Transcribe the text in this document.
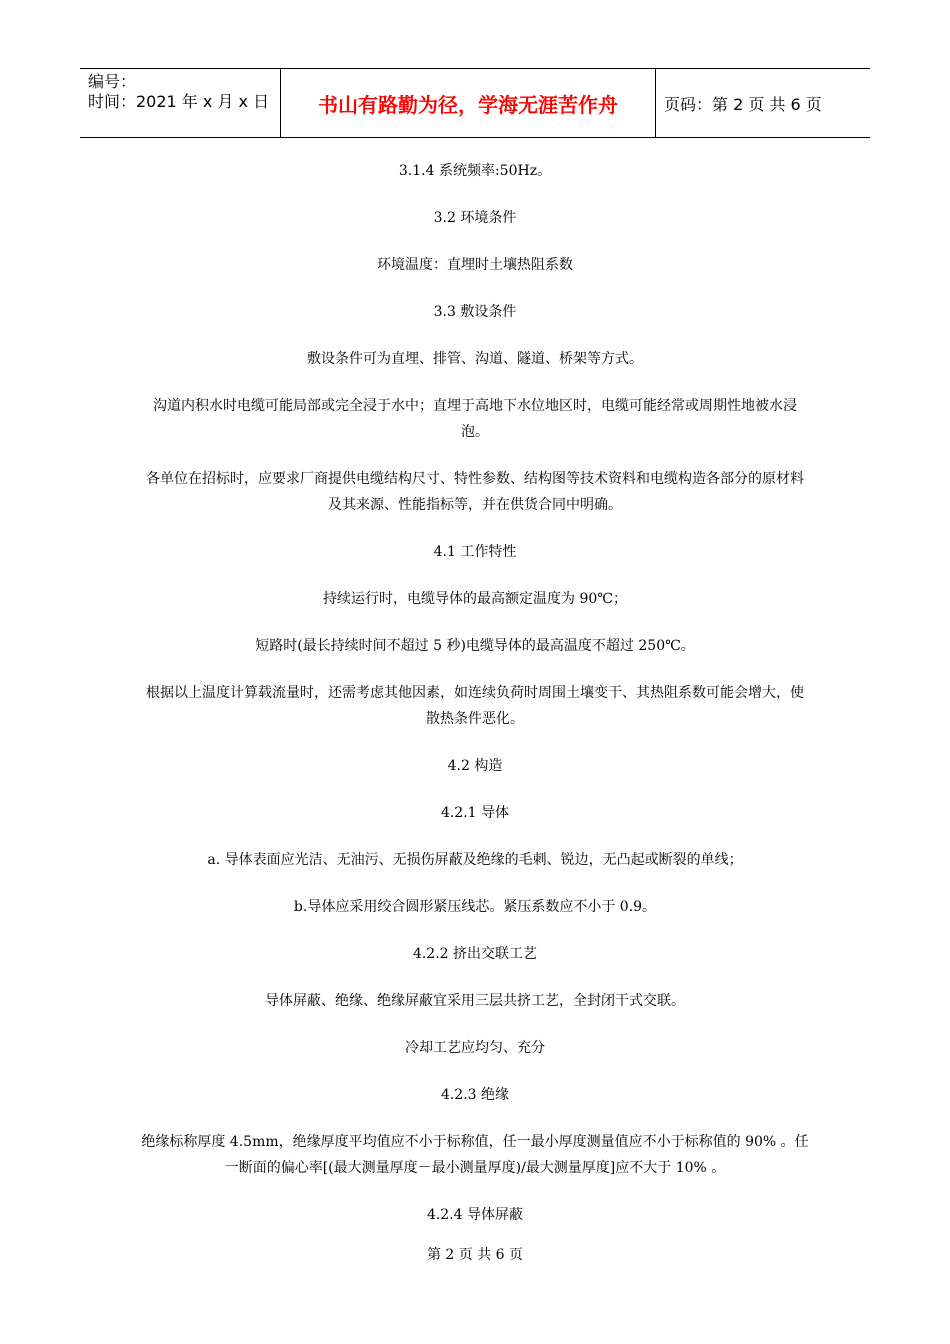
编号：
时间：2021 年 x 月 x 日	书山有路勤为径，学海无涯苦作舟	页码：第 2 页 共 6 页

3.1.4 系统频率:50Hz。

3.2 环境条件

环境温度：直埋时土壤热阻系数

3.3 敷设条件

敷设条件可为直埋、排管、沟道、隧道、桥架等方式。

沟道内积水时电缆可能局部或完全浸于水中；直埋于高地下水位地区时，电缆可能经常或周期性地被水浸泡。

各单位在招标时，应要求厂商提供电缆结构尺寸、特性参数、结构图等技术资料和电缆构造各部分的原材料及其来源、性能指标等，并在供货合同中明确。

4.1 工作特性

持续运行时，电缆导体的最高额定温度为 90℃；

短路时(最长持续时间不超过 5 秒)电缆导体的最高温度不超过 250℃。

根据以上温度计算载流量时，还需考虑其他因素，如连续负荷时周围土壤变干、其热阻系数可能会增大，使散热条件恶化。

4.2 构造

4.2.1 导体

a. 导体表面应光洁、无油污、无损伤屏蔽及绝缘的毛刺、锐边，无凸起或断裂的单线；

b.导体应采用绞合圆形紧压线芯。紧压系数应不小于 0.9。

4.2.2 挤出交联工艺

导体屏蔽、绝缘、绝缘屏蔽宜采用三层共挤工艺，全封闭干式交联。

冷却工艺应均匀、充分

4.2.3 绝缘

绝缘标称厚度 4.5mm，绝缘厚度平均值应不小于标称值，任一最小厚度测量值应不小于标称值的 90% 。任一断面的偏心率[(最大测量厚度－最小测量厚度)/最大测量厚度]应不大于 10% 。

4.2.4 导体屏蔽

第 2 页 共 6 页
